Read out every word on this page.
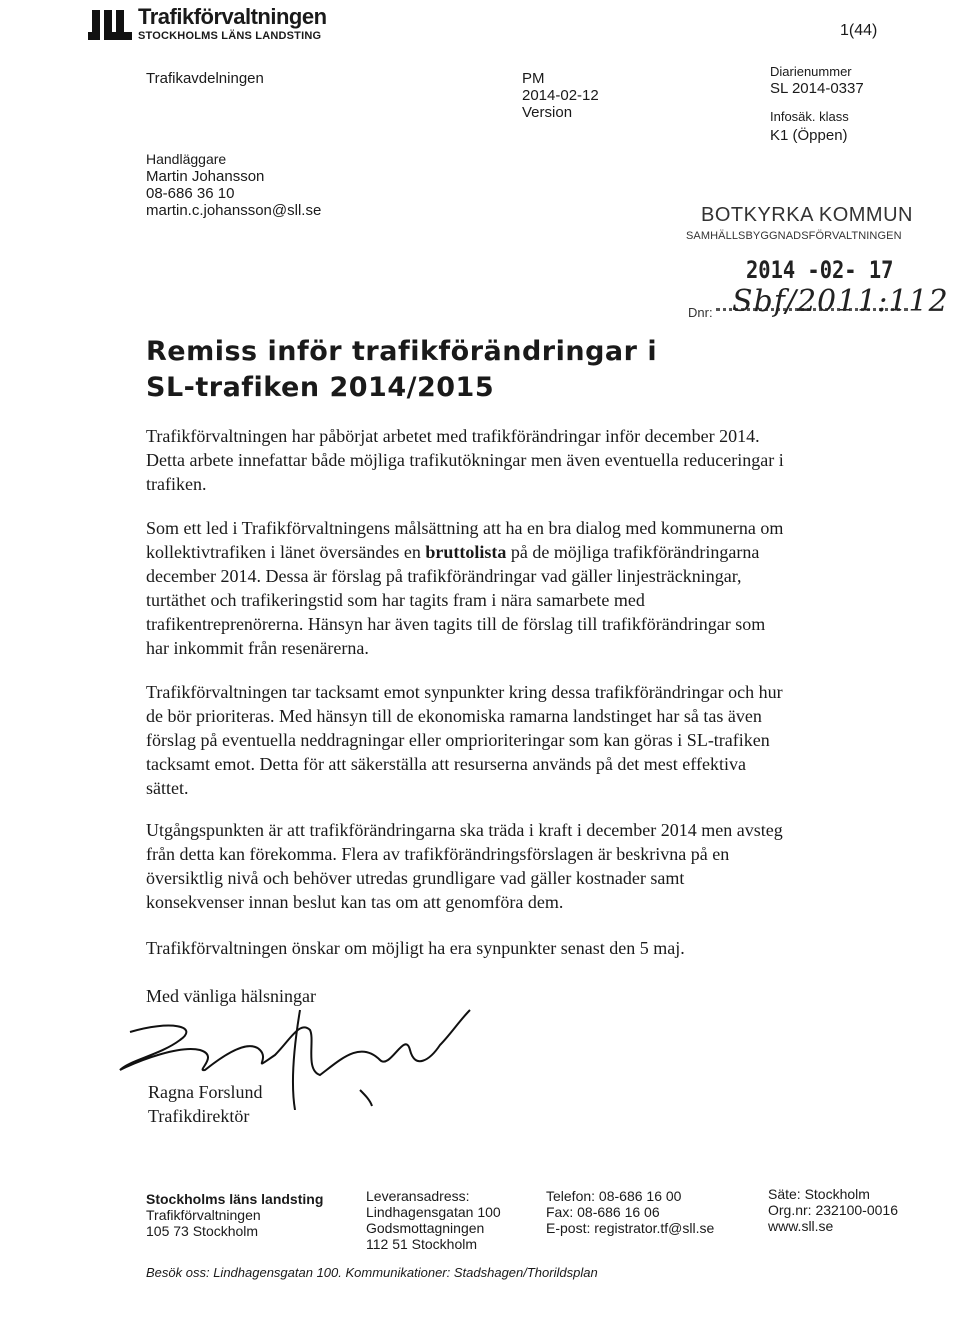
Trafikförvaltningen
STOCKHOLMS LÄNS LANDSTING	1(44)
Trafikavdelningen
Handläggare
Martin Johansson
08-686 36 10
martin.c.johansson@sll.se
PM
2014-02-12
Version
Diarienummer
SL 2014-0337
Infosäk. klass
K1 (Öppen)
BOTKYRKA KOMMUN
SAMHÄLLSBYGGNADSFÖRVALTNINGEN
2014 -02- 17
Dnr: Sbf/2011:112
Remiss inför trafikförändringar i
SL-trafiken 2014/2015
Trafikförvaltningen har påbörjat arbetet med trafikförändringar inför december 2014. Detta arbete innefattar både möjliga trafikutökningar men även eventuella reduceringar i trafiken.
Som ett led i Trafikförvaltningens målsättning att ha en bra dialog med kommunerna om kollektivtrafiken i länet översändes en bruttolista på de möjliga trafikförändringarna december 2014. Dessa är förslag på trafikförändringar vad gäller linjesträckningar, turtäthet och trafikeringstid som har tagits fram i nära samarbete med trafikentreprenörerna. Hänsyn har även tagits till de förslag till trafikförändringar som har inkommit från resenärerna.
Trafikförvaltningen tar tacksamt emot synpunkter kring dessa trafikförändringar och hur de bör prioriteras. Med hänsyn till de ekonomiska ramarna landstinget har så tas även förslag på eventuella neddragningar eller omprioriteringar som kan göras i SL-trafiken tacksamt emot. Detta för att säkerställa att resurserna används på det mest effektiva sättet.
Utgångspunkten är att trafikförändringarna ska träda i kraft i december 2014 men avsteg från detta kan förekomma. Flera av trafikförändringsförslagen är beskrivna på en översiktlig nivå och behöver utredas grundligare vad gäller kostnader samt konsekvenser innan beslut kan tas om att genomföra dem.
Trafikförvaltningen önskar om möjligt ha era synpunkter senast den 5 maj.
Med vänliga hälsningar
Ragna Forslund
Trafikdirektör
Stockholms läns landsting
Trafikförvaltningen
105 73 Stockholm
Leveransadress:
Lindhagensgatan 100
Godsmottagningen
112 51 Stockholm
Telefon: 08-686 16 00
Fax: 08-686 16 06
E-post: registrator.tf@sll.se
Säte: Stockholm
Org.nr: 232100-0016
www.sll.se
Besök oss: Lindhagensgatan 100. Kommunikationer: Stadshagen/Thorildsplan
